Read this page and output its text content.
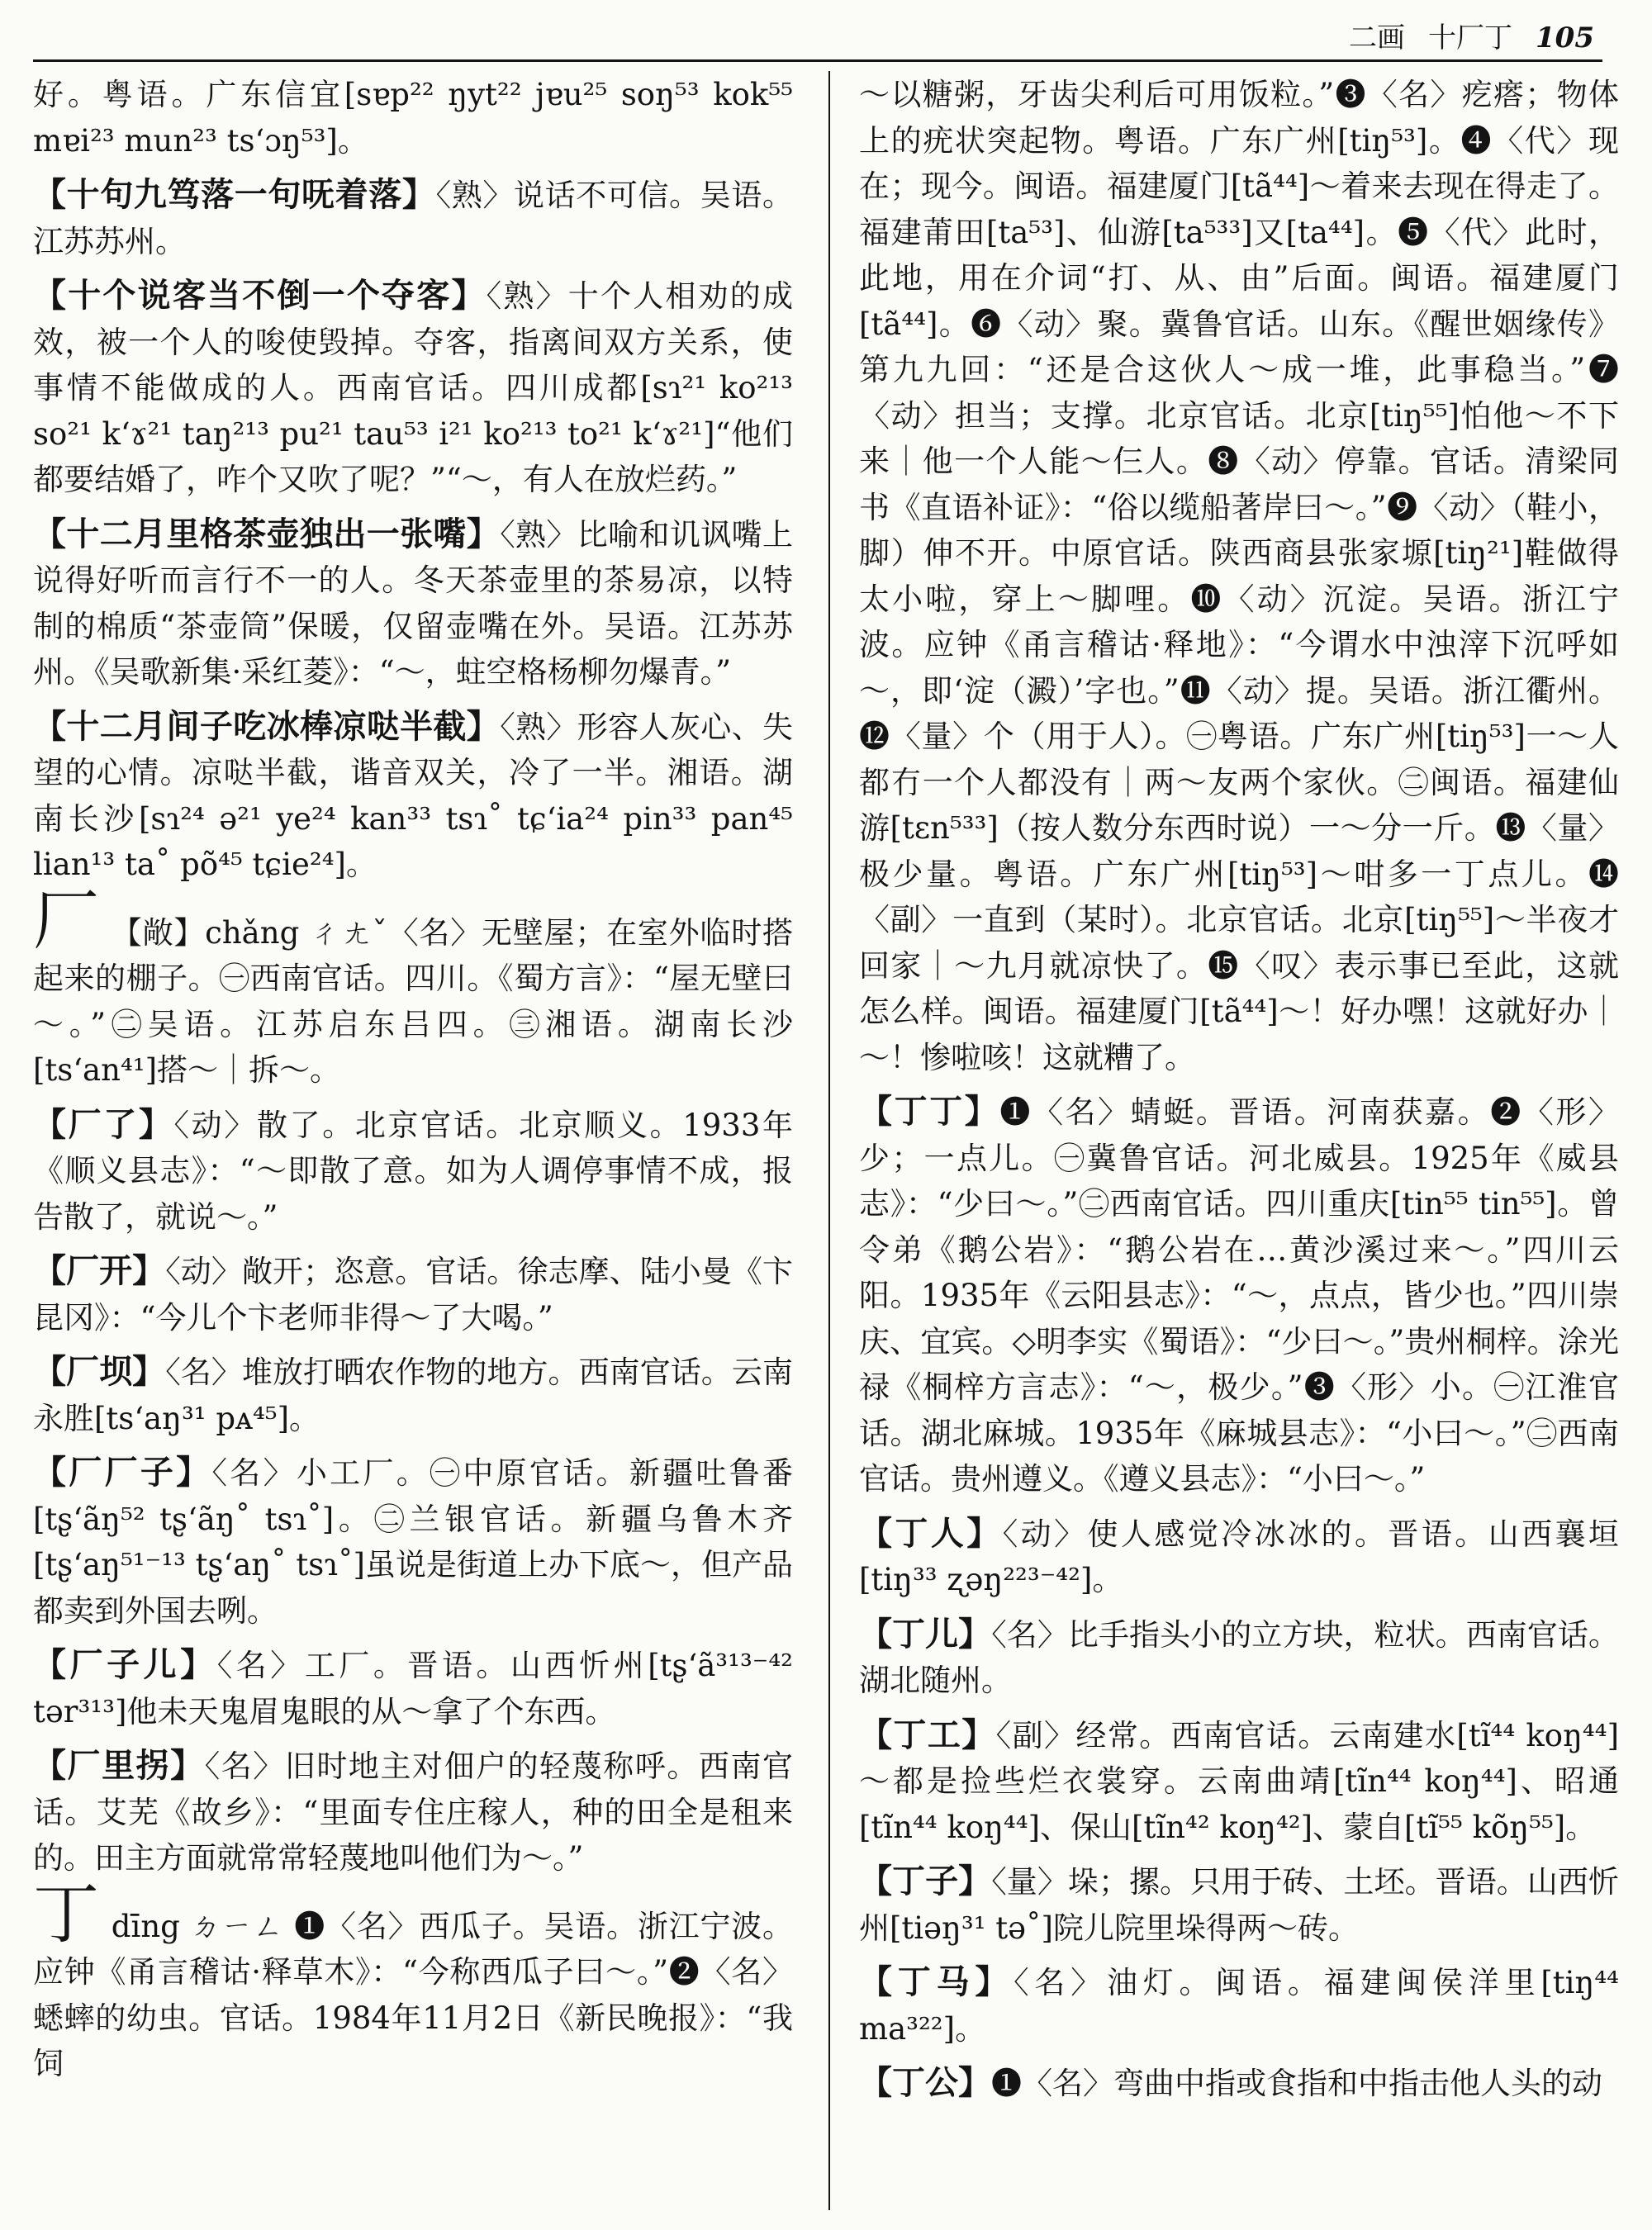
二画 十厂丁 105

好。粤语。广东信宜[sɐp²² ŋyt²² jɐu²⁵ soŋ⁵³ kok⁵⁵ mɐi²³ mun²³ tsʻɔŋ⁵³]。

【十句九笃落一句呒着落】〈熟〉说话不可信。吴语。江苏苏州。

【十个说客当不倒一个夺客】〈熟〉十个人相劝的成效，被一个人的唆使毁掉。夺客，指离间双方关系，使事情不能做成的人。西南官话。四川成都[sɿ²¹ ko²¹³ so²¹ kʻɤ²¹ taŋ²¹³ pu²¹ tau⁵³ i²¹ ko²¹³ to²¹ kʻɤ²¹]“他们都要结婚了，咋个又吹了呢？”“～，有人在放烂药。”

【十二月里格茶壶独出一张嘴】〈熟〉比喻和讥讽嘴上说得好听而言行不一的人。冬天茶壶里的茶易凉，以特制的棉质“茶壶筒”保暖，仅留壶嘴在外。吴语。江苏苏州。《吴歌新集·采红菱》：“～，蛀空格杨柳勿爆青。”

【十二月间子吃冰棒凉哒半截】〈熟〉形容人灰心、失望的心情。凉哒半截，谐音双关，冷了一半。湘语。湖南长沙[sɿ²⁴ ə²¹ ye²⁴ kan³³ tsɿ˚ tɕʻia²⁴ pin³³ pan⁴⁵ lian¹³ ta˚ põ⁴⁵ tɕie²⁴]。

厂 【敞】chǎng ㄔㄤˇ〈名〉无壁屋；在室外临时搭起来的棚子。㊀西南官话。四川。《蜀方言》：“屋无壁曰～。”㊁吴语。江苏启东吕四。㊂湘语。湖南长沙[tsʻan⁴¹]搭～｜拆～。

【厂了】〈动〉散了。北京官话。北京顺义。1933年《顺义县志》：“～即散了意。如为人调停事情不成，报告散了，就说～。”

【厂开】〈动〉敞开；恣意。官话。徐志摩、陆小曼《卞昆冈》：“今儿个卞老师非得～了大喝。”

【厂坝】〈名〉堆放打晒农作物的地方。西南官话。云南永胜[tsʻaŋ³¹ pᴀ⁴⁵]。

【厂厂子】〈名〉小工厂。㊀中原官话。新疆吐鲁番[tʂʻãŋ⁵² tʂʻãŋ˚ tsɿ˚]。㊁兰银官话。新疆乌鲁木齐[tʂʻaŋ⁵¹⁻¹³ tʂʻaŋ˚ tsɿ˚]虽说是街道上办下底～，但产品都卖到外国去咧。

【厂子儿】〈名〉工厂。晋语。山西忻州[tʂʻã³¹³⁻⁴² tər³¹³]他未天鬼眉鬼眼的从～拿了个东西。

【厂里拐】〈名〉旧时地主对佃户的轻蔑称呼。西南官话。艾芜《故乡》：“里面专住庄稼人，种的田全是租来的。田主方面就常常轻蔑地叫他们为～。”

丁dīng ㄉㄧㄥ ❶〈名〉西瓜子。吴语。浙江宁波。应钟《甬言稽诂·释草木》：“今称西瓜子曰～。”❷〈名〉蟋蟀的幼虫。官话。1984年11月2日《新民晚报》：“我饲

～以糖粥，牙齿尖利后可用饭粒。”❸〈名〉疙瘩；物体上的疣状突起物。粤语。广东广州[tiŋ⁵³]。❹〈代〉现在；现今。闽语。福建厦门[tã⁴⁴]～着来去现在得走了。福建莆田[ta⁵³]、仙游[ta⁵³³]又[ta⁴⁴]。❺〈代〉此时，此地，用在介词“打、从、由”后面。闽语。福建厦门[tã⁴⁴]。❻〈动〉聚。冀鲁官话。山东。《醒世姻缘传》第九九回：“还是合这伙人～成一堆，此事稳当。”❼〈动〉担当；支撑。北京官话。北京[tiŋ⁵⁵]怕他～不下来｜他一个人能～仨人。❽〈动〉停靠。官话。清梁同书《直语补证》：“俗以缆船著岸曰～。”❾〈动〉（鞋小，脚）伸不开。中原官话。陕西商县张家塬[tiŋ²¹]鞋做得太小啦，穿上～脚哩。❿〈动〉沉淀。吴语。浙江宁波。应钟《甬言稽诂·释地》：“今谓水中浊滓下沉呼如～，即‘淀（澱）’字也。”⓫〈动〉提。吴语。浙江衢州。⓬〈量〉个（用于人）。㊀粤语。广东广州[tiŋ⁵³]一～人都冇一个人都没有｜两～友两个家伙。㊁闽语。福建仙游[tɛn⁵³³]（按人数分东西时说）一～分一斤。⓭〈量〉极少量。粤语。广东广州[tiŋ⁵³]～咁多一丁点儿。⓮〈副〉一直到（某时）。北京官话。北京[tiŋ⁵⁵]～半夜才回家｜～九月就凉快了。⓯〈叹〉表示事已至此，这就怎么样。闽语。福建厦门[tã⁴⁴]～！好办嘿！这就好办｜～！惨啦咳！这就糟了。

【丁丁】❶〈名〉蜻蜓。晋语。河南获嘉。❷〈形〉少；一点儿。㊀冀鲁官话。河北威县。1925年《威县志》：“少曰～。”㊁西南官话。四川重庆[tin⁵⁵ tin⁵⁵]。曾令弟《鹅公岩》：“鹅公岩在…黄沙溪过来～。”四川云阳。1935年《云阳县志》：“～，点点，皆少也。”四川崇庆、宜宾。◇明李实《蜀语》：“少曰～。”贵州桐梓。涂光禄《桐梓方言志》：“～，极少。”❸〈形〉小。㊀江淮官话。湖北麻城。1935年《麻城县志》：“小曰～。”㊁西南官话。贵州遵义。《遵义县志》：“小曰～。”

【丁人】〈动〉使人感觉冷冰冰的。晋语。山西襄垣[tiŋ³³ ʐəŋ²²³⁻⁴²]。

【丁儿】〈名〉比手指头小的立方块，粒状。西南官话。湖北随州。

【丁工】〈副〉经常。西南官话。云南建水[tĩ⁴⁴ koŋ⁴⁴]～都是捡些烂衣裳穿。云南曲靖[tĩn⁴⁴ koŋ⁴⁴]、昭通[tĩn⁴⁴ koŋ⁴⁴]、保山[tĩn⁴² koŋ⁴²]、蒙自[tĩ⁵⁵ kõŋ⁵⁵]。

【丁子】〈量〉垛；摞。只用于砖、土坯。晋语。山西忻州[tiəŋ³¹ tə˚]院儿院里垛得两～砖。

【丁马】〈名〉油灯。闽语。福建闽侯洋里[tiŋ⁴⁴ ma³²²]。

【丁公】❶〈名〉弯曲中指或食指和中指击他人头的动
